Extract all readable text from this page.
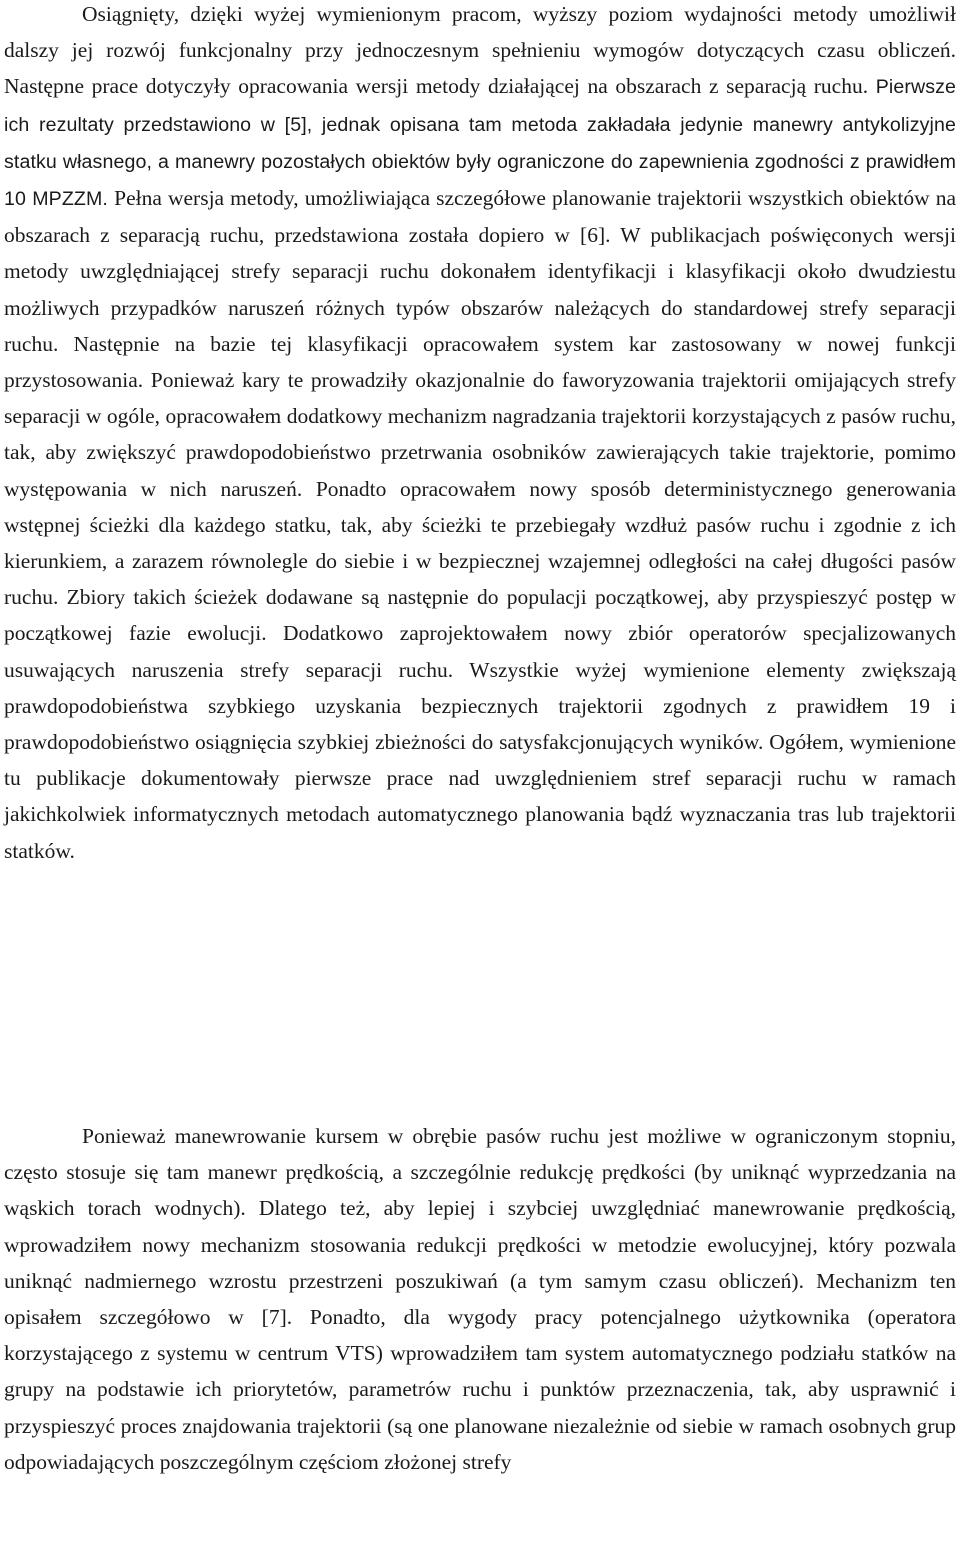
Osiągnięty, dzięki wyżej wymienionym pracom, wyższy poziom wydajności metody umożliwił dalszy jej rozwój funkcjonalny przy jednoczesnym spełnieniu wymogów dotyczących czasu obliczeń. Następne prace dotyczyły opracowania wersji metody działającej na obszarach z separacją ruchu. Pierwsze ich rezultaty przedstawiono w [5], jednak opisana tam metoda zakładała jedynie manewry antykolizyjne statku własnego, a manewry pozostałych obiektów były ograniczone do zapewnienia zgodności z prawidłem 10 MPZZM. Pełna wersja metody, umożliwiająca szczegółowe planowanie trajektorii wszystkich obiektów na obszarach z separacją ruchu, przedstawiona została dopiero w [6]. W publikacjach poświęconych wersji metody uwzględniającej strefy separacji ruchu dokonałem identyfikacji i klasyfikacji około dwudziestu możliwych przypadków naruszeń różnych typów obszarów należących do standardowej strefy separacji ruchu. Następnie na bazie tej klasyfikacji opracowałem system kar zastosowany w nowej funkcji przystosowania. Ponieważ kary te prowadziły okazjonalnie do faworyzowania trajektorii omijających strefy separacji w ogóle, opracowałem dodatkowy mechanizm nagradzania trajektorii korzystających z pasów ruchu, tak, aby zwiększyć prawdopodobieństwo przetrwania osobników zawierających takie trajektorie, pomimo występowania w nich naruszeń. Ponadto opracowałem nowy sposób deterministycznego generowania wstępnej ścieżki dla każdego statku, tak, aby ścieżki te przebiegały wzdłuż pasów ruchu i zgodnie z ich kierunkiem, a zarazem równolegle do siebie i w bezpiecznej wzajemnej odległości na całej długości pasów ruchu. Zbiory takich ścieżek dodawane są następnie do populacji początkowej, aby przyspieszyć postęp w początkowej fazie ewolucji. Dodatkowo zaprojektowałem nowy zbiór operatorów specjalizowanych usuwających naruszenia strefy separacji ruchu. Wszystkie wyżej wymienione elementy zwiększają prawdopodobieństwa szybkiego uzyskania bezpiecznych trajektorii zgodnych z prawidłem 19 i prawdopodobieństwo osiągnięcia szybkiej zbieżności do satysfakcjonujących wyników. Ogółem, wymienione tu publikacje dokumentowały pierwsze prace nad uwzględnieniem stref separacji ruchu w ramach jakichkolwiek informatycznych metodach automatycznego planowania bądź wyznaczania tras lub trajektorii statków.

Ponieważ manewrowanie kursem w obrębie pasów ruchu jest możliwe w ograniczonym stopniu, często stosuje się tam manewr prędkością, a szczególnie redukcję prędkości (by uniknąć wyprzedzania na wąskich torach wodnych). Dlatego też, aby lepiej i szybciej uwzględniać manewrowanie prędkością, wprowadziłem nowy mechanizm stosowania redukcji prędkości w metodzie ewolucyjnej, który pozwala uniknąć nadmiernego wzrostu przestrzeni poszukiwań (a tym samym czasu obliczeń). Mechanizm ten opisałem szczegółowo w [7]. Ponadto, dla wygody pracy potencjalnego użytkownika (operatora korzystającego z systemu w centrum VTS) wprowadziłem tam system automatycznego podziału statków na grupy na podstawie ich priorytetów, parametrów ruchu i punktów przeznaczenia, tak, aby usprawnić i przyspieszyć proces znajdowania trajektorii (są one planowane niezależnie od siebie w ramach osobnych grup odpowiadających poszczególnym częściom złożonej strefy
